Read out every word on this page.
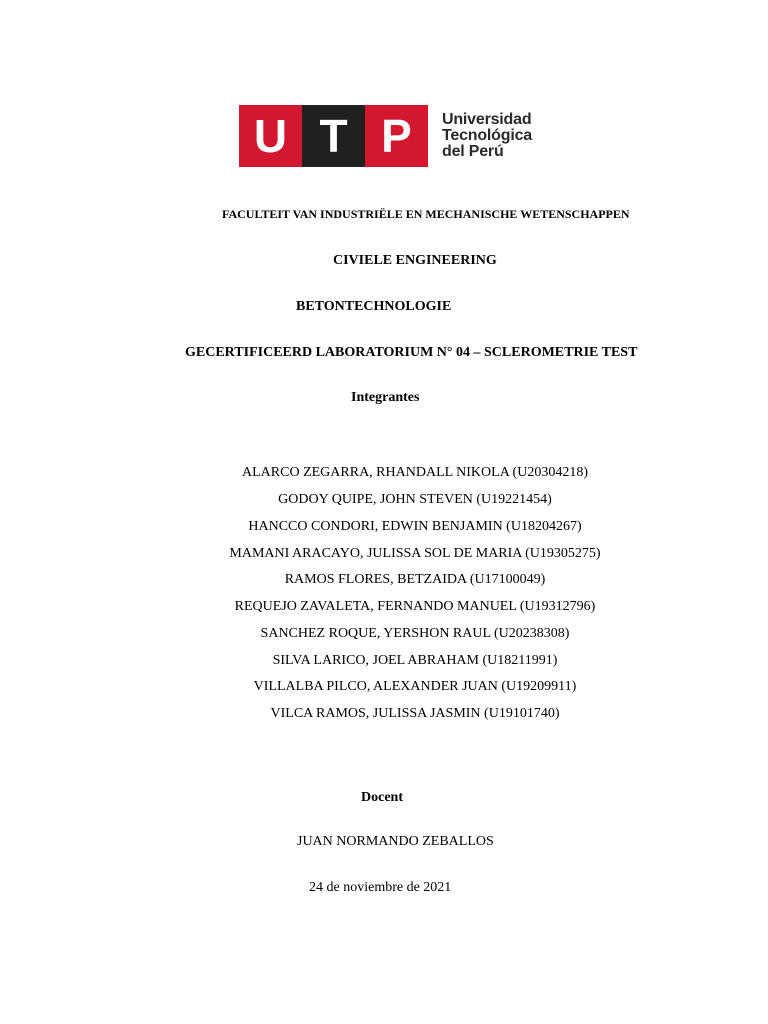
U T P	Universidad
Tecnológica
del Perú
FACULTEIT VAN INDUSTRIËLE EN MECHANISCHE WETENSCHAPPEN
CIVIELE ENGINEERING
BETONTECHNOLOGIE
GECERTIFICEERD LABORATORIUM N° 04 – SCLEROMETRIE TEST
Integrantes
ALARCO ZEGARRA, RHANDALL NIKOLA (U20304218)
GODOY QUIPE, JOHN STEVEN (U19221454)
HANCCO CONDORI, EDWIN BENJAMIN (U18204267)
MAMANI ARACAYO, JULISSA SOL DE MARIA (U19305275)
RAMOS FLORES, BETZAIDA (U17100049)
REQUEJO ZAVALETA, FERNANDO MANUEL (U19312796)
SANCHEZ ROQUE, YERSHON RAUL (U20238308)
SILVA LARICO, JOEL ABRAHAM (U18211991)
VILLALBA PILCO, ALEXANDER JUAN (U19209911)
VILCA RAMOS, JULISSA JASMIN (U19101740)
Docent
JUAN NORMANDO ZEBALLOS
24 de noviembre de 2021
